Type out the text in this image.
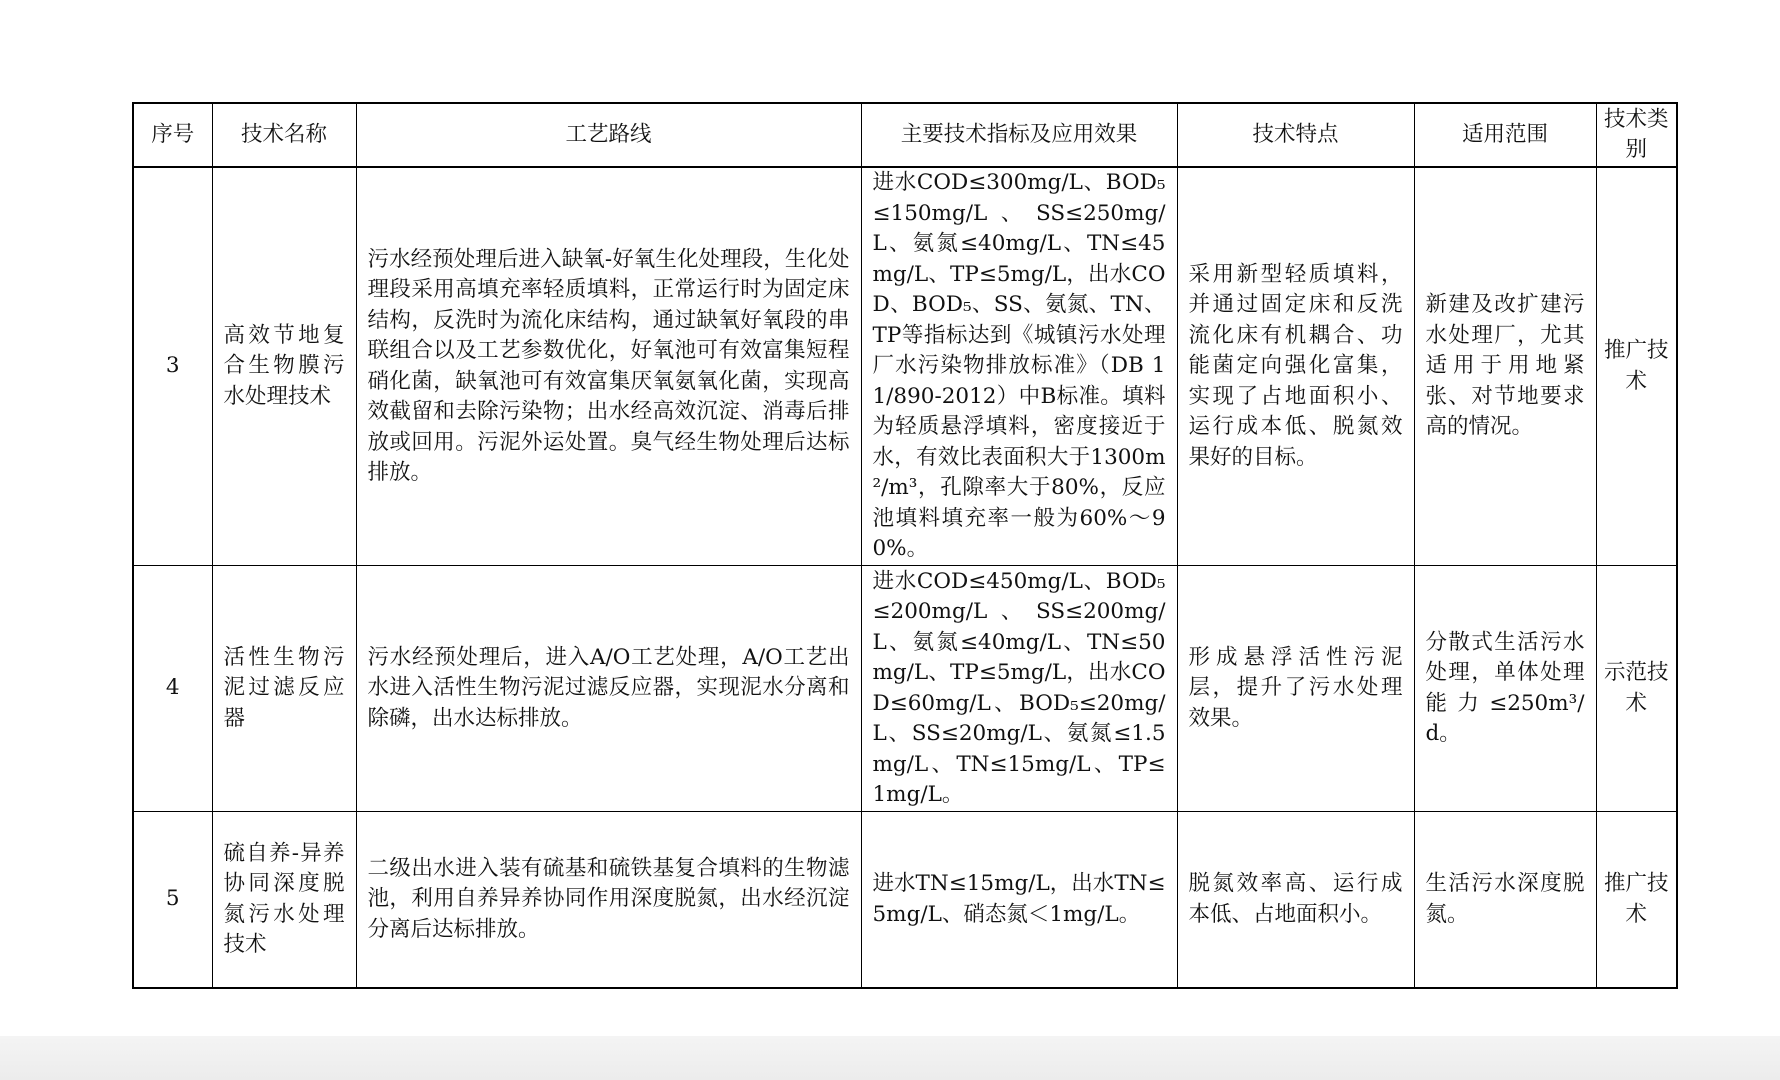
序号	技术名称	工艺路线	主要技术指标及应用效果	技术特点	适用范围	技术类别
3	高效节地复合生物膜污水处理技术	污水经预处理后进入缺氧-好氧生化处理段，生化处理段采用高填充率轻质填料，正常运行时为固定床结构，反洗时为流化床结构，通过缺氧好氧段的串联组合以及工艺参数优化，好氧池可有效富集短程硝化菌，缺氧池可有效富集厌氧氨氧化菌，实现高效截留和去除污染物；出水经高效沉淀、消毒后排放或回用。污泥外运处置。臭气经生物处理后达标排放。	进水COD≤300mg/L、BOD₅≤150mg/L、SS≤250mg/L、氨氮≤40mg/L、TN≤45mg/L、TP≤5mg/L，出水COD、BOD₅、SS、氨氮、TN、TP等指标达到《城镇污水处理厂水污染物排放标准》（DB 11/890-2012）中B标准。填料为轻质悬浮填料，密度接近于水，有效比表面积大于1300m²/m³，孔隙率大于80%，反应池填料填充率一般为60%～90%。	采用新型轻质填料，并通过固定床和反洗流化床有机耦合、功能菌定向强化富集，实现了占地面积小、运行成本低、脱氮效果好的目标。	新建及改扩建污水处理厂，尤其适用于用地紧张、对节地要求高的情况。	推广技术
4	活性生物污泥过滤反应器	污水经预处理后，进入A/O工艺处理，A/O工艺出水进入活性生物污泥过滤反应器，实现泥水分离和除磷，出水达标排放。	进水COD≤450mg/L、BOD₅≤200mg/L、SS≤200mg/L、氨氮≤40mg/L、TN≤50mg/L、TP≤5mg/L，出水COD≤60mg/L、BOD₅≤20mg/L、SS≤20mg/L、氨氮≤1.5mg/L、TN≤15mg/L、TP≤1mg/L。	形成悬浮活性污泥层，提升了污水处理效果。	分散式生活污水处理，单体处理能力≤250m³/d。	示范技术
5	硫自养-异养协同深度脱氮污水处理技术	二级出水进入装有硫基和硫铁基复合填料的生物滤池，利用自养异养协同作用深度脱氮，出水经沉淀分离后达标排放。	进水TN≤15mg/L，出水TN≤5mg/L、硝态氮＜1mg/L。	脱氮效率高、运行成本低、占地面积小。	生活污水深度脱氮。	推广技术
